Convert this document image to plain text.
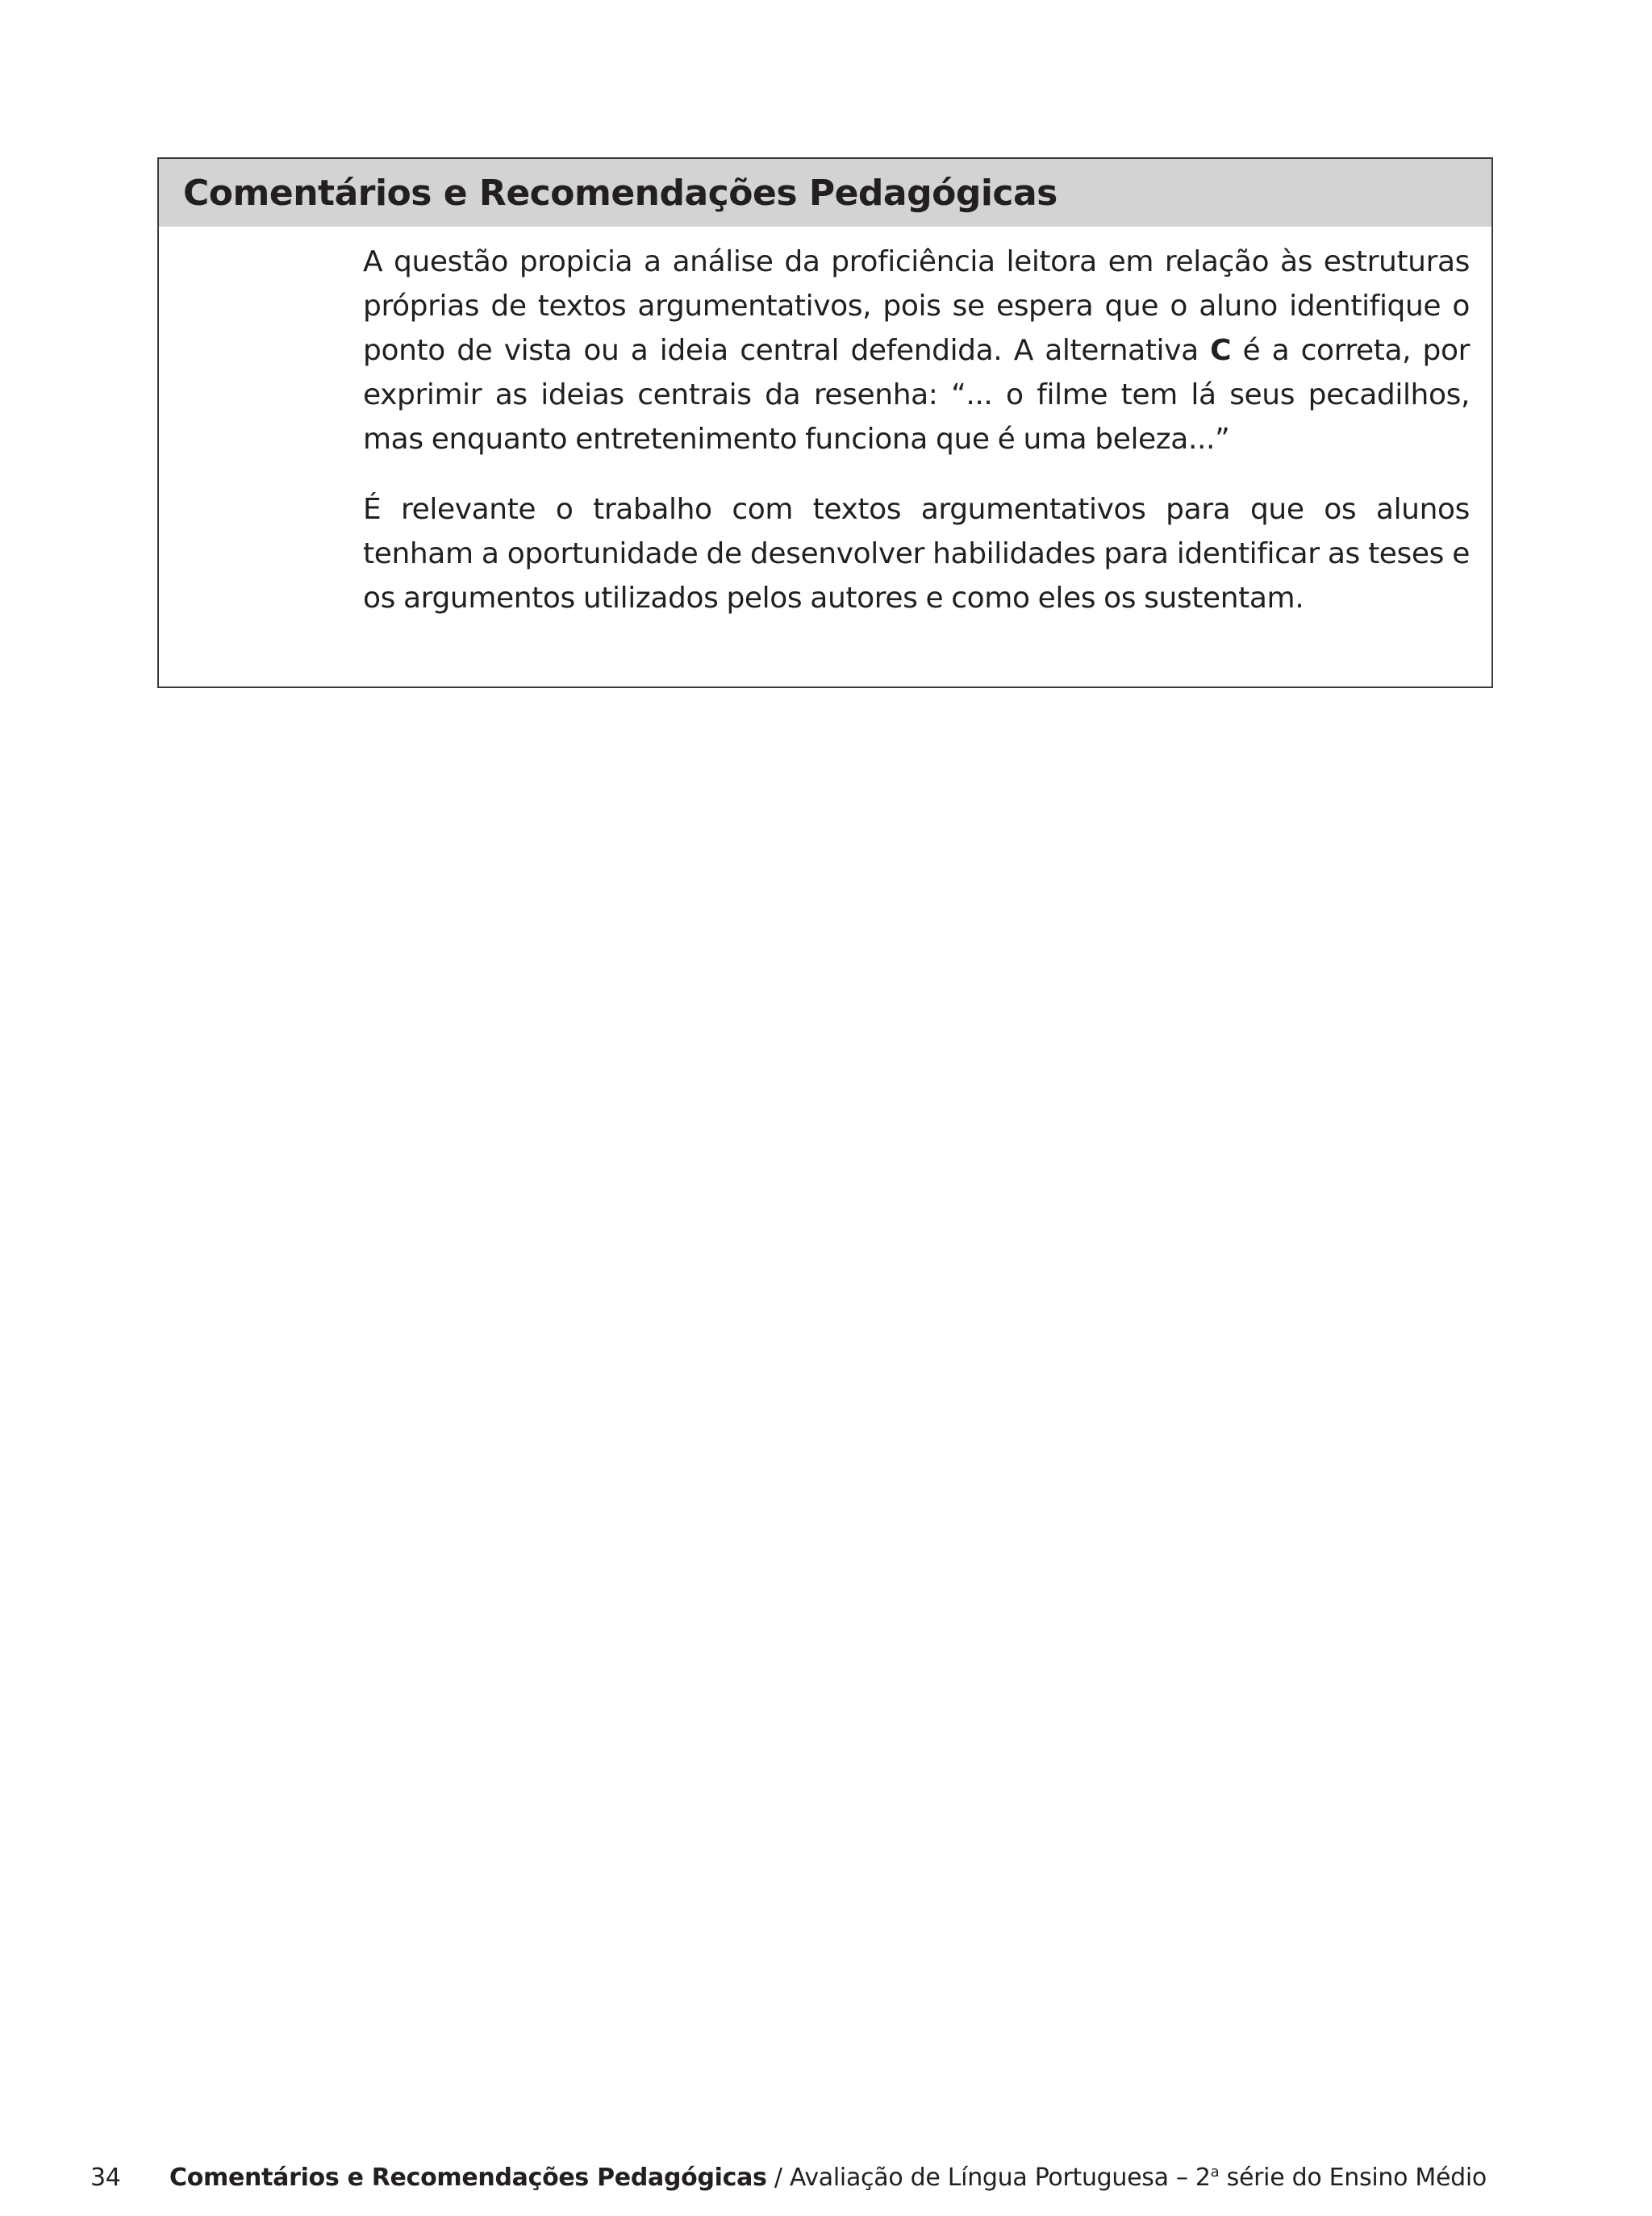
Comentários e Recomendações Pedagógicas

A questão propicia a análise da proficiência leitora em relação às estruturas próprias de textos argumentativos, pois se espera que o aluno identifique o ponto de vista ou a ideia central defendida. A alternativa C é a correta, por exprimir as ideias centrais da resenha: “... o filme tem lá seus pecadilhos, mas enquanto entretenimento funciona que é uma beleza...”

É relevante o trabalho com textos argumentativos para que os alunos tenham a oportunidade de desenvolver habilidades para identificar as teses e os argumentos utilizados pelos autores e como eles os sustentam.

34 Comentários e Recomendações Pedagógicas / Avaliação de Língua Portuguesa – 2$^a$ série do Ensino Médio
